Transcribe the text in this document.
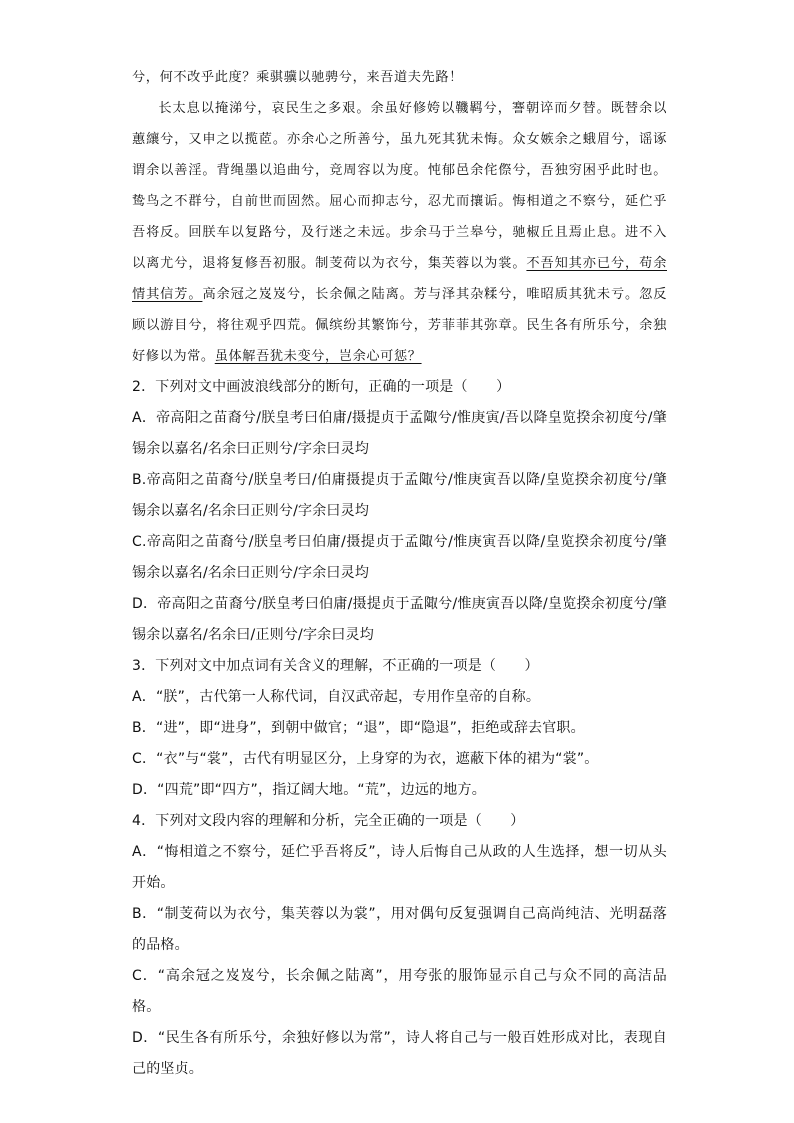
兮，何不改乎此度？乘骐骥以驰骋兮，来吾道夫先路！

长太息以掩涕兮，哀民生之多艰。余虽好修姱以鞿羁兮，謇朝谇而夕替。既替余以蕙纕兮，又申之以揽茝。亦余心之所善兮，虽九死其犹未悔。众女嫉余之蛾眉兮，谣诼谓余以善淫。背绳墨以追曲兮，竞周容以为度。忳郁邑余侘傺兮，吾独穷困乎此时也。鸷鸟之不群兮，自前世而固然。屈心而抑志兮，忍尤而攘诟。悔相道之不察兮，延伫乎吾将反。回朕车以复路兮，及行迷之未远。步余马于兰皋兮，驰椒丘且焉止息。进不入以离尤兮，退将复修吾初服。制芰荷以为衣兮，集芙蓉以为裳。不吾知其亦已兮，苟余情其信芳。高余冠之岌岌兮，长余佩之陆离。芳与泽其杂糅兮，唯昭质其犹未亏。忽反顾以游目兮，将往观乎四荒。佩缤纷其繁饰兮，芳菲菲其弥章。民生各有所乐兮，余独好修以为常。虽体解吾犹未变兮，岂余心可惩？

2．下列对文中画波浪线部分的断句，正确的一项是（　　）

A．帝高阳之苗裔兮/朕皇考曰伯庸/摄提贞于孟陬兮/惟庚寅/吾以降皇览揆余初度兮/肇锡余以嘉名/名余曰正则兮/字余曰灵均

B.帝高阳之苗裔兮/朕皇考曰/伯庸摄提贞于孟陬兮/惟庚寅吾以降/皇览揆余初度兮/肇锡余以嘉名/名余曰正则兮/字余曰灵均

C.帝高阳之苗裔兮/朕皇考曰伯庸/摄提贞于孟陬兮/惟庚寅吾以降/皇览揆余初度兮/肇锡余以嘉名/名余曰正则兮/字余曰灵均

D．帝高阳之苗裔兮/朕皇考曰伯庸/摄提贞于孟陬兮/惟庚寅吾以降/皇览揆余初度兮/肇锡余以嘉名/名余曰/正则兮/字余曰灵均

3．下列对文中加点词有关含义的理解，不正确的一项是（　　）

A．“朕”，古代第一人称代词，自汉武帝起，专用作皇帝的自称。

B．“进”，即“进身”，到朝中做官；“退”，即“隐退”，拒绝或辞去官职。

C．“衣”与“裳”，古代有明显区分，上身穿的为衣，遮蔽下体的裙为“裳”。

D．“四荒”即“四方”，指辽阔大地。“荒”，边远的地方。

4．下列对文段内容的理解和分析，完全正确的一项是（　　）

A．“悔相道之不察兮，延伫乎吾将反”，诗人后悔自己从政的人生选择，想一切从头开始。

B．“制芰荷以为衣兮，集芙蓉以为裳”，用对偶句反复强调自己高尚纯洁、光明磊落的品格。

C．“高余冠之岌岌兮，长余佩之陆离”，用夸张的服饰显示自己与众不同的高洁品格。

D．“民生各有所乐兮，余独好修以为常”，诗人将自己与一般百姓形成对比，表现自己的坚贞。
